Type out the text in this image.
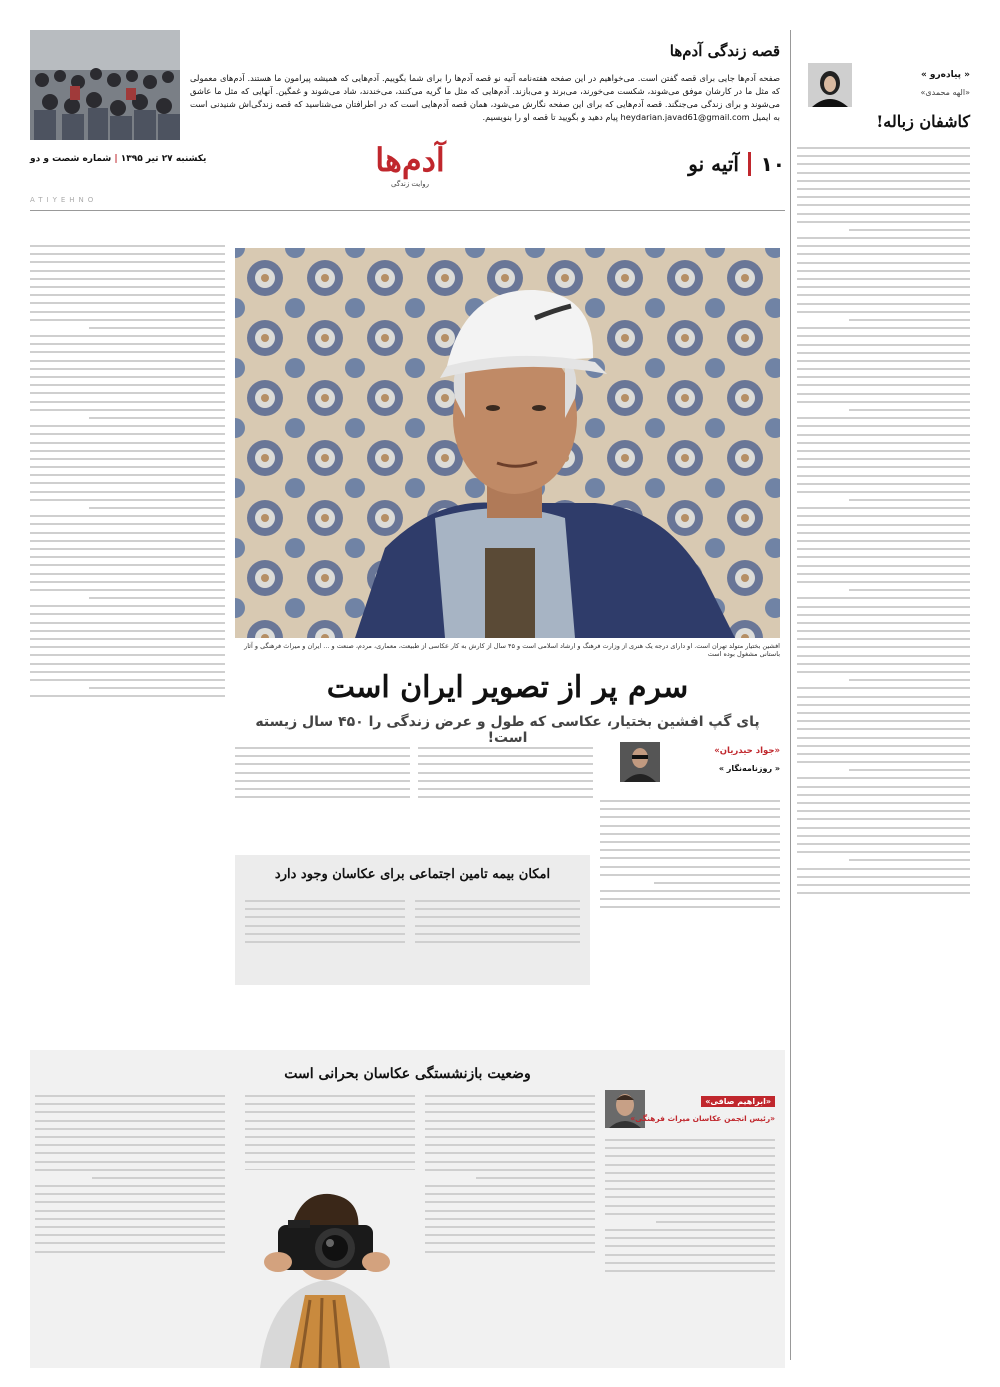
قصه زندگی آدم‌ها
صفحه آدم‌ها جایی برای قصه گفتن است. می‌خواهیم در این صفحه هفته‌نامه آتیه نو قصه آدم‌ها را برای شما بگوییم. آدم‌هایی که همیشه پیرامون ما هستند. آدم‌های معمولی که مثل ما در کارشان موفق می‌شوند، شکست می‌خورند، می‌برند و می‌بازند. آدم‌هایی که مثل ما گریه می‌کنند، می‌خندند، شاد می‌شوند و غمگین. آنهایی که مثل ما عاشق می‌شوند و برای زندگی می‌جنگند. قصه آدم‌هایی که برای این صفحه نگارش می‌شود، همان قصه آدم‌هایی است که در اطرافتان می‌شناسید که قصه زندگی‌اش شنیدنی است به ایمیل heydarian.javad61@gmail.com پیام دهید و بگویید تا قصه او را بنویسیم.
۱۰
آتیه نو
آدم‌ها
روایت زندگی
یکشنبه ۲۷ تیر ۱۳۹۵ | شماره شصت و دو
ATIYEHNO
« پیاده‌رو »
«الهه محمدی»
کاشفان زباله!
افشین بختیار متولد تهران است. او دارای درجه یک هنری از وزارت فرهنگ و ارشاد اسلامی است و ۴۵ سال از کارش به کار عکاسی از طبیعت، معماری، مردم، صنعت و ... ایران و میراث فرهنگی و آثار باستانی مشغول بوده است
سرم پر از تصویر ایران است
پای گپ افشین بختیار، عکاسی که طول و عرض زندگی را ۴۵۰ سال زیسته است!
«جواد حیدریان»
« روزنامه‌نگار »
امکان بیمه تامین اجتماعی برای عکاسان وجود دارد
وضعیت بازنشستگی عکاسان بحرانی است
«ابراهیم صافی»
«رئیس انجمن عکاسان میراث فرهنگی»
